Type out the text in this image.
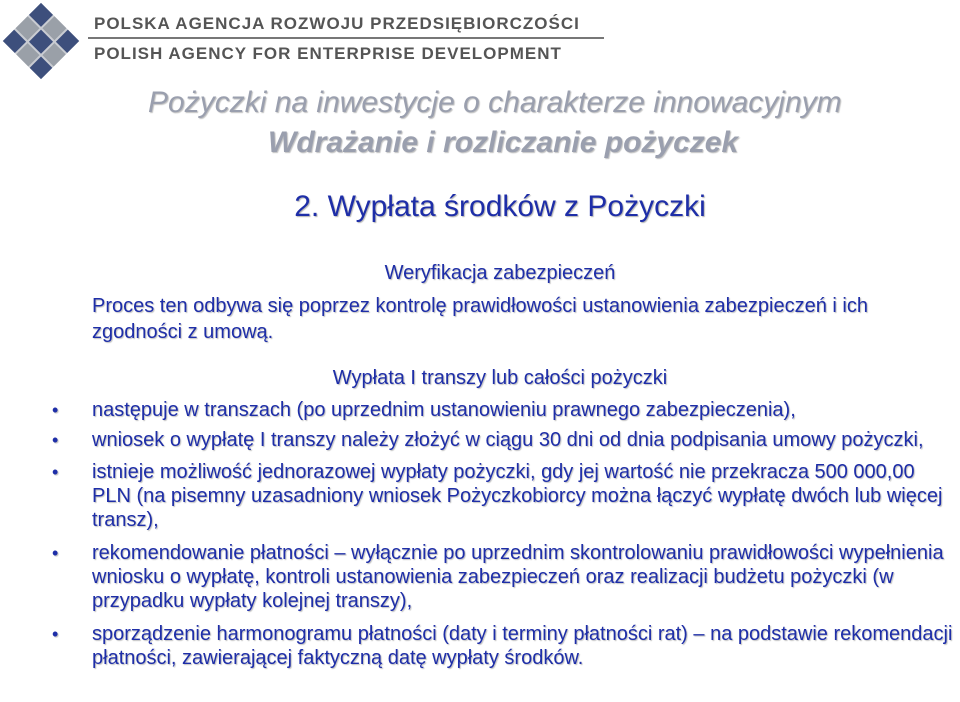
POLSKA AGENCJA ROZWOJU PRZEDSIĘBIORCZOŚCI
POLISH AGENCY FOR ENTERPRISE DEVELOPMENT
Pożyczki na inwestycje o charakterze innowacyjnym
Wdrażanie i rozliczanie pożyczek
2. Wypłata środków z Pożyczki
Weryfikacja zabezpieczeń
Proces ten odbywa się poprzez kontrolę prawidłowości ustanowienia zabezpieczeń i ich zgodności z umową.
Wypłata I transzy lub całości pożyczki
• następuje w transzach (po uprzednim ustanowieniu prawnego zabezpieczenia),
• wniosek o wypłatę I transzy należy złożyć w ciągu 30 dni od dnia podpisania umowy pożyczki,
• istnieje możliwość jednorazowej wypłaty pożyczki, gdy jej wartość nie przekracza 500 000,00 PLN (na pisemny uzasadniony wniosek Pożyczkobiorcy można łączyć wypłatę dwóch lub więcej transz),
• rekomendowanie płatności – wyłącznie po uprzednim skontrolowaniu prawidłowości wypełnienia wniosku o wypłatę, kontroli ustanowienia zabezpieczeń oraz realizacji budżetu pożyczki (w przypadku wypłaty kolejnej transzy),
• sporządzenie harmonogramu płatności (daty i terminy płatności rat) – na podstawie rekomendacji płatności, zawierającej faktyczną datę wypłaty środków.
